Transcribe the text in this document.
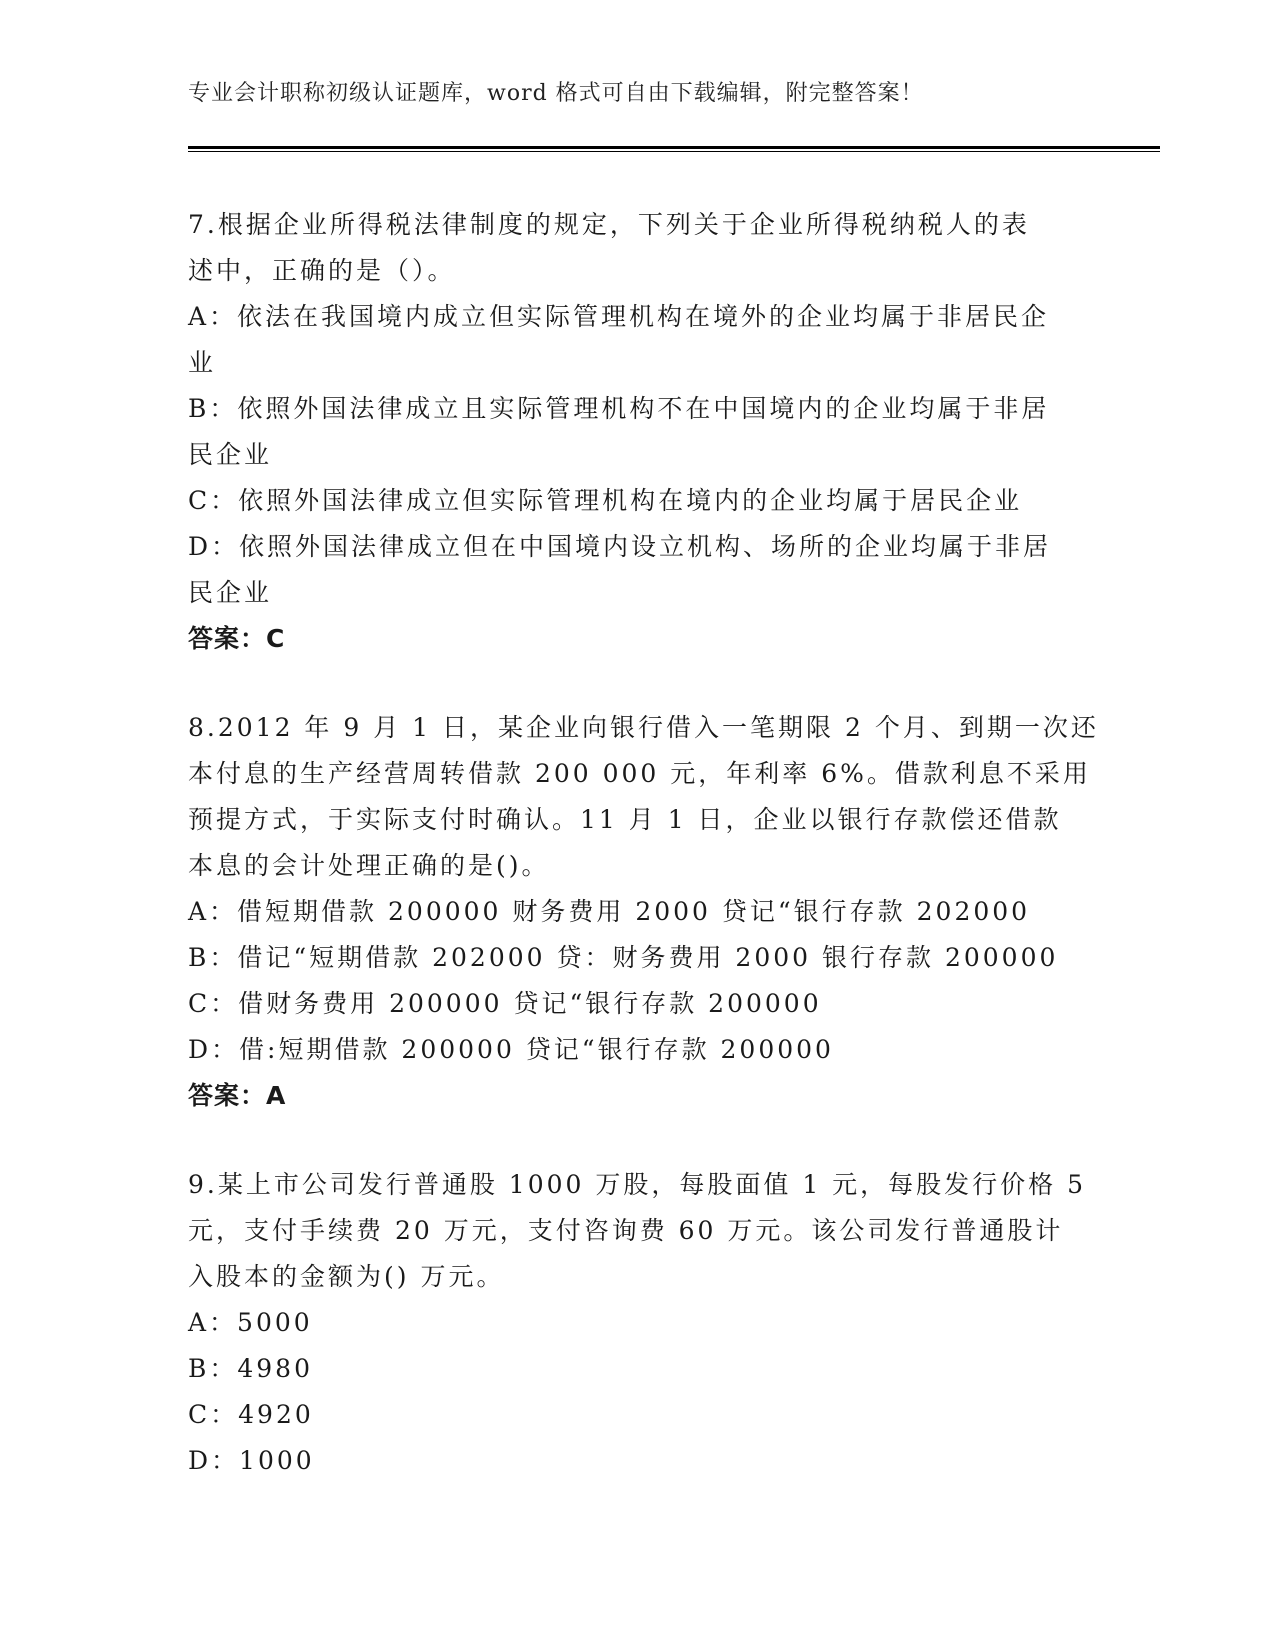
专业会计职称初级认证题库，word 格式可自由下载编辑，附完整答案！

7.根据企业所得税法律制度的规定，下列关于企业所得税纳税人的表

述中，正确的是（）。

A：依法在我国境内成立但实际管理机构在境外的企业均属于非居民企

业

B：依照外国法律成立且实际管理机构不在中国境内的企业均属于非居

民企业

C：依照外国法律成立但实际管理机构在境内的企业均属于居民企业

D：依照外国法律成立但在中国境内设立机构、场所的企业均属于非居

民企业

答案：C

8.2012 年 9 月 1 日，某企业向银行借入一笔期限 2 个月、到期一次还

本付息的生产经营周转借款 200 000 元，年利率 6%。借款利息不采用

预提方式，于实际支付时确认。11 月 1 日，企业以银行存款偿还借款

本息的会计处理正确的是()。

A：借短期借款 200000 财务费用 2000 贷记“银行存款 202000

B：借记“短期借款 202000 贷：财务费用 2000 银行存款 200000

C：借财务费用 200000 贷记“银行存款 200000

D：借:短期借款 200000 贷记“银行存款 200000

答案：A

9.某上市公司发行普通股 1000 万股，每股面值 1 元，每股发行价格 5

元，支付手续费 20 万元，支付咨询费 60 万元。该公司发行普通股计

入股本的金额为() 万元。

A：5000

B：4980

C：4920

D：1000
